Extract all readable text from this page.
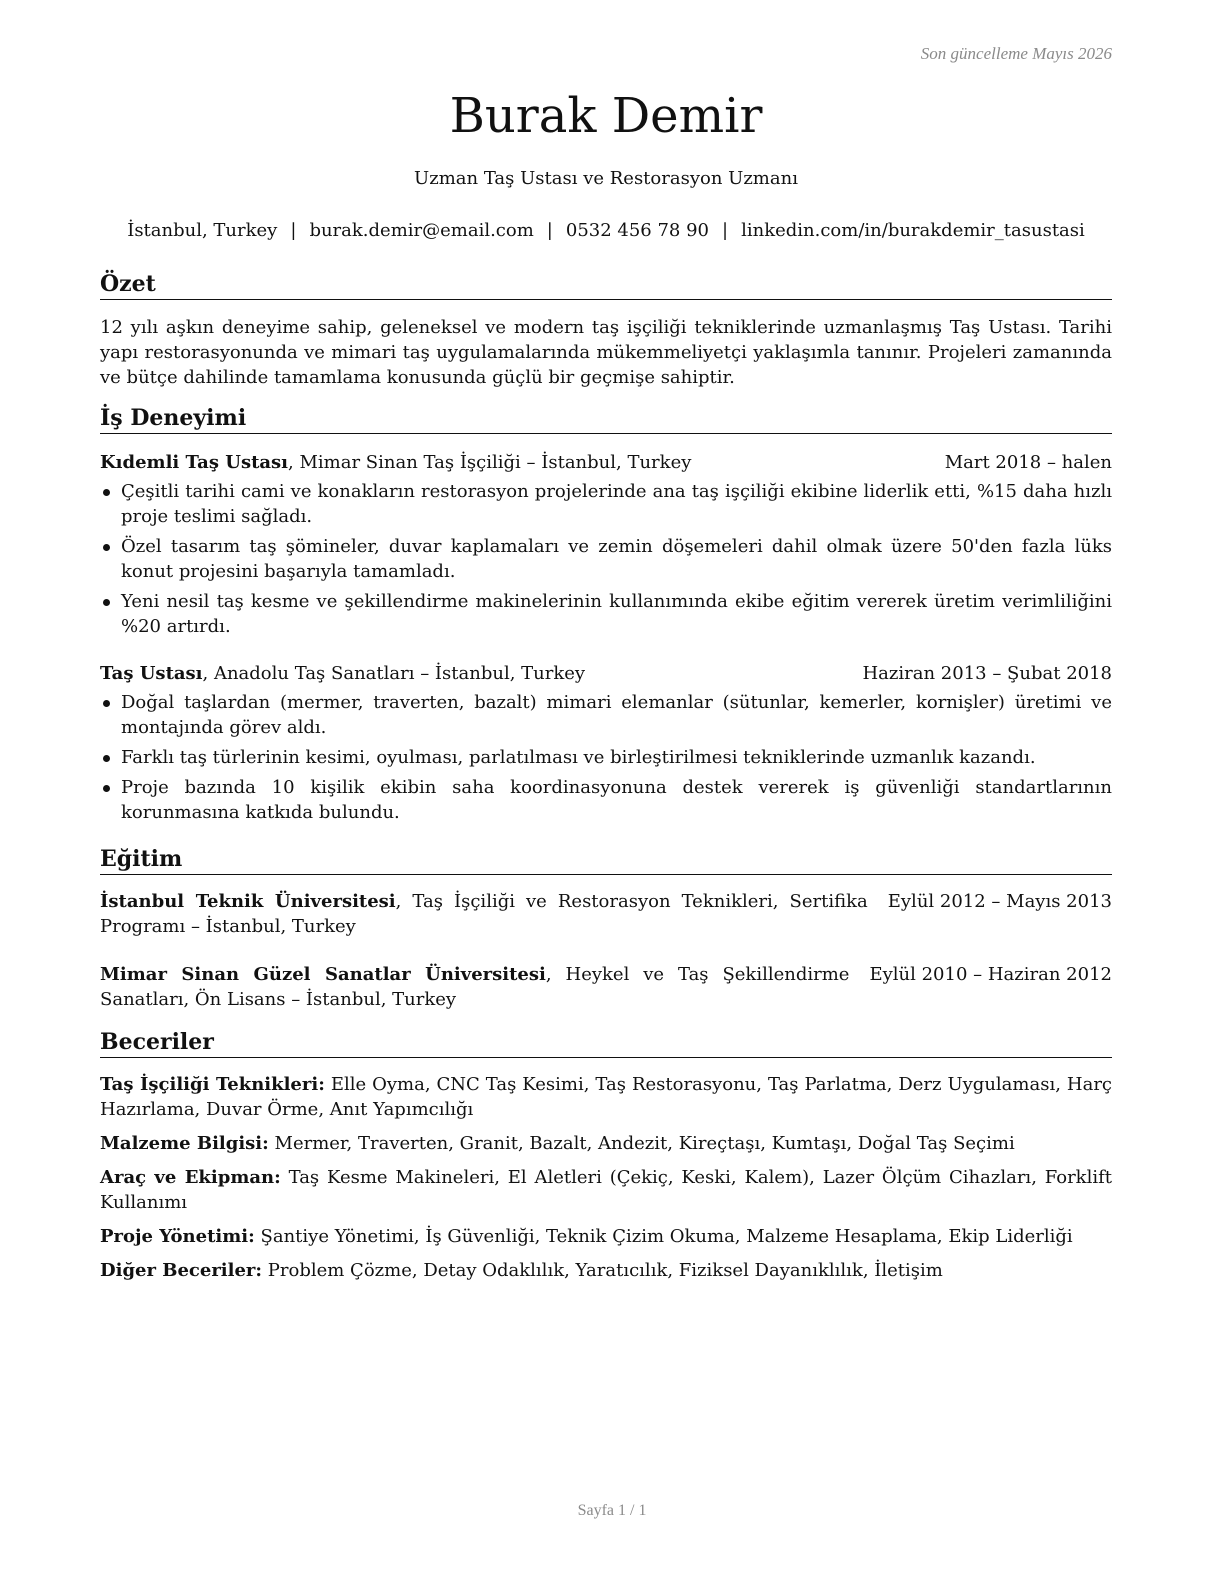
Son güncelleme Mayıs 2026
Burak Demir
Uzman Taş Ustası ve Restorasyon Uzmanı
İstanbul, Turkey | burak.demir@email.com | 0532 456 78 90 | linkedin.com/in/burakdemir_tasustasi
Özet
12 yılı aşkın deneyime sahip, geleneksel ve modern taş işçiliği tekniklerinde uzmanlaşmış Taş Ustası. Tarihi yapı restorasyonunda ve mimari taş uygulamalarında mükemmeliyetçi yaklaşımla tanınır. Projeleri zamanında ve bütçe dahilinde tamamlama konusunda güçlü bir geçmişe sahiptir.
İş Deneyimi
Kıdemli Taş Ustası, Mimar Sinan Taş İşçiliği – İstanbul, Turkey	Mart 2018 – halen
Çeşitli tarihi cami ve konakların restorasyon projelerinde ana taş işçiliği ekibine liderlik etti, %15 daha hızlı proje teslimi sağladı.
Özel tasarım taş şömineler, duvar kaplamaları ve zemin döşemeleri dahil olmak üzere 50'den fazla lüks konut projesini başarıyla tamamladı.
Yeni nesil taş kesme ve şekillendirme makinelerinin kullanımında ekibe eğitim vererek üretim verimliliğini %20 artırdı.
Taş Ustası, Anadolu Taş Sanatları – İstanbul, Turkey	Haziran 2013 – Şubat 2018
Doğal taşlardan (mermer, traverten, bazalt) mimari elemanlar (sütunlar, kemerler, kornişler) üretimi ve montajında görev aldı.
Farklı taş türlerinin kesimi, oyulması, parlatılması ve birleştirilmesi tekniklerinde uzmanlık kazandı.
Proje bazında 10 kişilik ekibin saha koordinasyonuna destek vererek iş güvenliği standartlarının korunmasına katkıda bulundu.
Eğitim
İstanbul Teknik Üniversitesi, Taş İşçiliği ve Restorasyon Teknikleri, Sertifika Programı – İstanbul, Turkey
Eylül 2012 – Mayıs 2013
Mimar Sinan Güzel Sanatlar Üniversitesi, Heykel ve Taş Şekillendirme Sanatları, Ön Lisans – İstanbul, Turkey
Eylül 2010 – Haziran 2012
Beceriler
Taş İşçiliği Teknikleri: Elle Oyma, CNC Taş Kesimi, Taş Restorasyonu, Taş Parlatma, Derz Uygulaması, Harç Hazırlama, Duvar Örme, Anıt Yapımcılığı
Malzeme Bilgisi: Mermer, Traverten, Granit, Bazalt, Andezit, Kireçtaşı, Kumtaşı, Doğal Taş Seçimi
Araç ve Ekipman: Taş Kesme Makineleri, El Aletleri (Çekiç, Keski, Kalem), Lazer Ölçüm Cihazları, Forklift Kullanımı
Proje Yönetimi: Şantiye Yönetimi, İş Güvenliği, Teknik Çizim Okuma, Malzeme Hesaplama, Ekip Liderliği
Diğer Beceriler: Problem Çözme, Detay Odaklılık, Yaratıcılık, Fiziksel Dayanıklılık, İletişim
Sayfa 1 / 1
